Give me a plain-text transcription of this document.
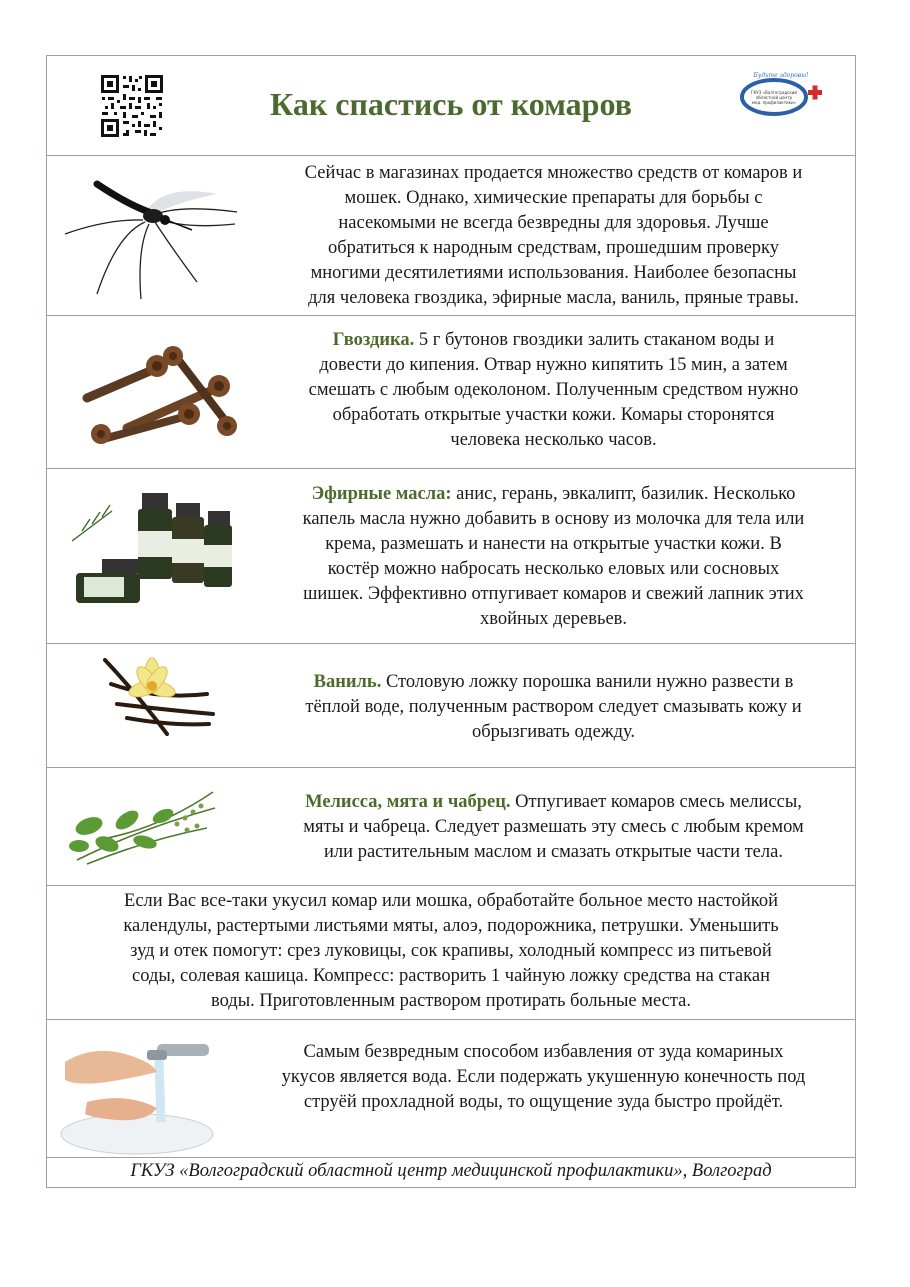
Как спастись от комаров
Будьте здоровы!
ГКУЗ «Волгоградский
областной центр
мед. профилактики»
Сейчас в магазинах продается множество средств от комаров и
мошек. Однако, химические препараты для борьбы с
насекомыми не всегда безвредны для здоровья. Лучше
обратиться к народным средствам, прошедшим проверку
многими десятилетиями использования. Наиболее безопасны
для человека гвоздика, эфирные масла, ваниль, пряные травы.
Гвоздика. 5 г бутонов гвоздики залить стаканом воды и
довести до кипения. Отвар нужно кипятить 15 мин, а затем
смешать с любым одеколоном. Полученным средством нужно
обработать открытые участки кожи. Комары сторонятся
человека несколько часов.
Эфирные масла: анис, герань, эвкалипт, базилик. Несколько
капель масла нужно добавить в основу из молочка для тела или
крема, размешать и нанести на открытые участки кожи. В
костёр можно набросать несколько еловых или сосновых
шишек. Эффективно отпугивает комаров и свежий лапник этих
хвойных деревьев.
Ваниль. Столовую ложку порошка ванили нужно развести в
тёплой воде, полученным раствором следует смазывать кожу и
обрызгивать одежду.
Мелисса, мята и чабрец. Отпугивает комаров смесь мелиссы,
мяты и чабреца. Следует размешать эту смесь с любым кремом
или растительным маслом и смазать открытые части тела.
Если Вас все-таки укусил комар или мошка, обработайте больное место настойкой
календулы, растертыми листьями мяты, алоэ, подорожника, петрушки. Уменьшить
зуд и отек помогут: срез луковицы, сок крапивы, холодный компресс из питьевой
соды, солевая кашица. Компресс: растворить 1 чайную ложку средства на стакан
воды. Приготовленным раствором протирать больные места.
Самым безвредным способом избавления от зуда комариных
укусов является вода. Если подержать укушенную конечность под
струёй прохладной воды, то ощущение зуда быстро пройдёт.
ГКУЗ «Волгоградский областной центр медицинской профилактики», Волгоград
